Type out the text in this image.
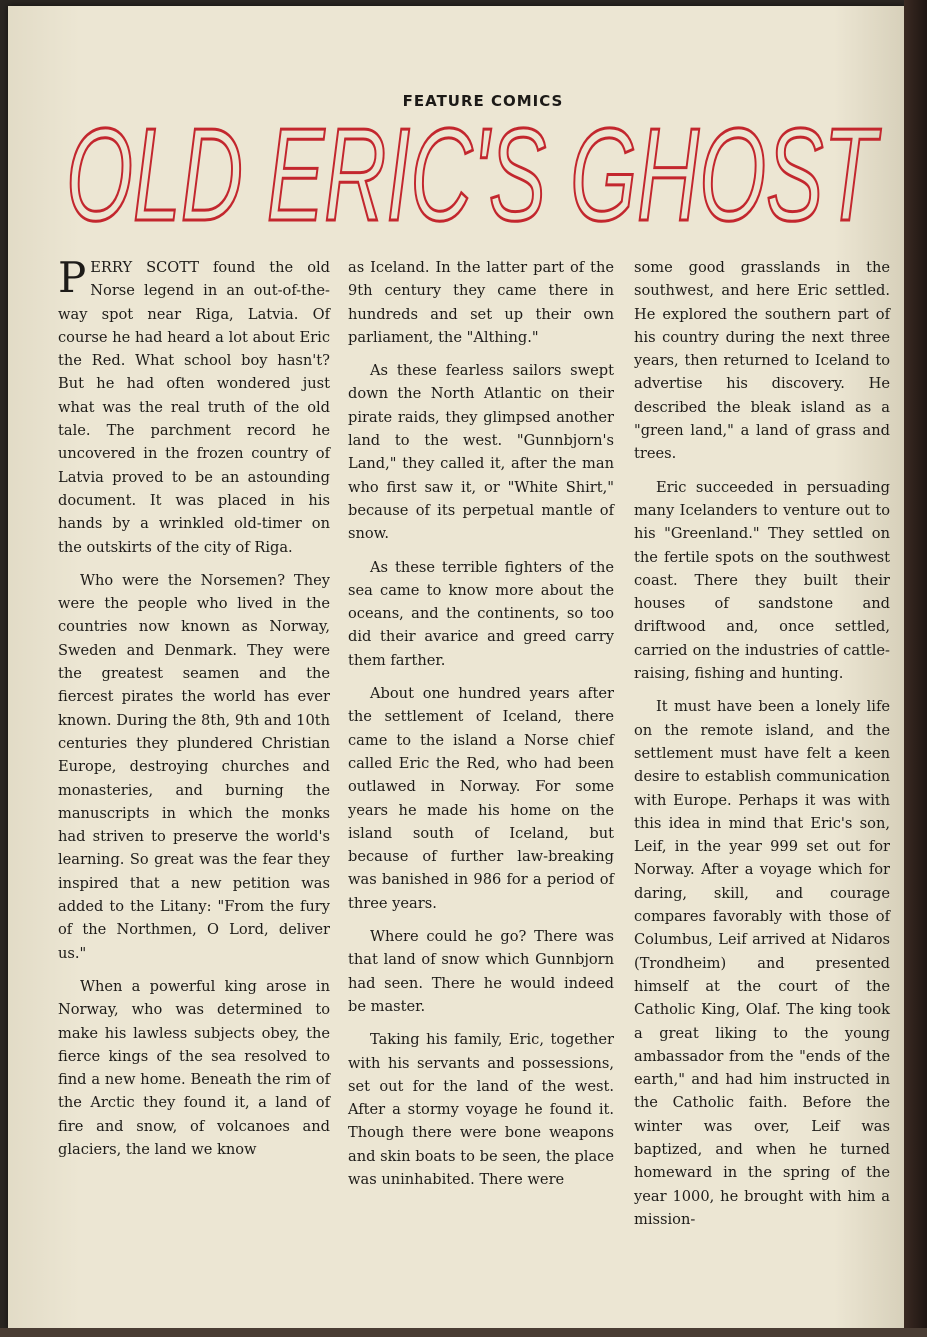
FEATURE COMICS
OLD ERIC'S GHOST

PERRY SCOTT found the old Norse legend in an out-of-the-way spot near Riga, Latvia. Of course he had heard a lot about Eric the Red. What school boy hasn't? But he had often wondered just what was the real truth of the old tale. The parchment record he uncovered in the frozen country of Latvia proved to be an astounding document. It was placed in his hands by a wrinkled old-timer on the outskirts of the city of Riga.

Who were the Norsemen? They were the people who lived in the countries now known as Norway, Sweden and Denmark. They were the greatest seamen and the fiercest pirates the world has ever known. During the 8th, 9th and 10th centuries they plundered Christian Europe, destroying churches and monasteries, and burning the manuscripts in which the monks had striven to preserve the world's learning. So great was the fear they inspired that a new petition was added to the Litany: "From the fury of the Northmen, O Lord, deliver us."

When a powerful king arose in Norway, who was determined to make his lawless subjects obey, the fierce kings of the sea resolved to find a new home. Beneath the rim of the Arctic they found it, a land of fire and snow, of volcanoes and glaciers, the land we know

as Iceland. In the latter part of the 9th century they came there in hundreds and set up their own parliament, the "Althing."

As these fearless sailors swept down the North Atlantic on their pirate raids, they glimpsed another land to the west. "Gunnbjorn's Land," they called it, after the man who first saw it, or "White Shirt," because of its perpetual mantle of snow.

As these terrible fighters of the sea came to know more about the oceans, and the continents, so too did their avarice and greed carry them farther.

About one hundred years after the settlement of Iceland, there came to the island a Norse chief called Eric the Red, who had been outlawed in Norway. For some years he made his home on the island south of Iceland, but because of further law-breaking was banished in 986 for a period of three years.

Where could he go? There was that land of snow which Gunnbjorn had seen. There he would indeed be master.

Taking his family, Eric, together with his servants and possessions, set out for the land of the west. After a stormy voyage he found it. Though there were bone weapons and skin boats to be seen, the place was uninhabited. There were

some good grasslands in the southwest, and here Eric settled. He explored the southern part of his country during the next three years, then returned to Iceland to advertise his discovery. He described the bleak island as a "green land," a land of grass and trees.

Eric succeeded in persuading many Icelanders to venture out to his "Greenland." They settled on the fertile spots on the southwest coast. There they built their houses of sandstone and driftwood and, once settled, carried on the industries of cattle-raising, fishing and hunting.

It must have been a lonely life on the remote island, and the settlement must have felt a keen desire to establish communication with Europe. Perhaps it was with this idea in mind that Eric's son, Leif, in the year 999 set out for Norway. After a voyage which for daring, skill, and courage compares favorably with those of Columbus, Leif arrived at Nidaros (Trondheim) and presented himself at the court of the Catholic King, Olaf. The king took a great liking to the young ambassador from the "ends of the earth," and had him instructed in the Catholic faith. Before the winter was over, Leif was baptized, and when he turned homeward in the spring of the year 1000, he brought with him a mission-
